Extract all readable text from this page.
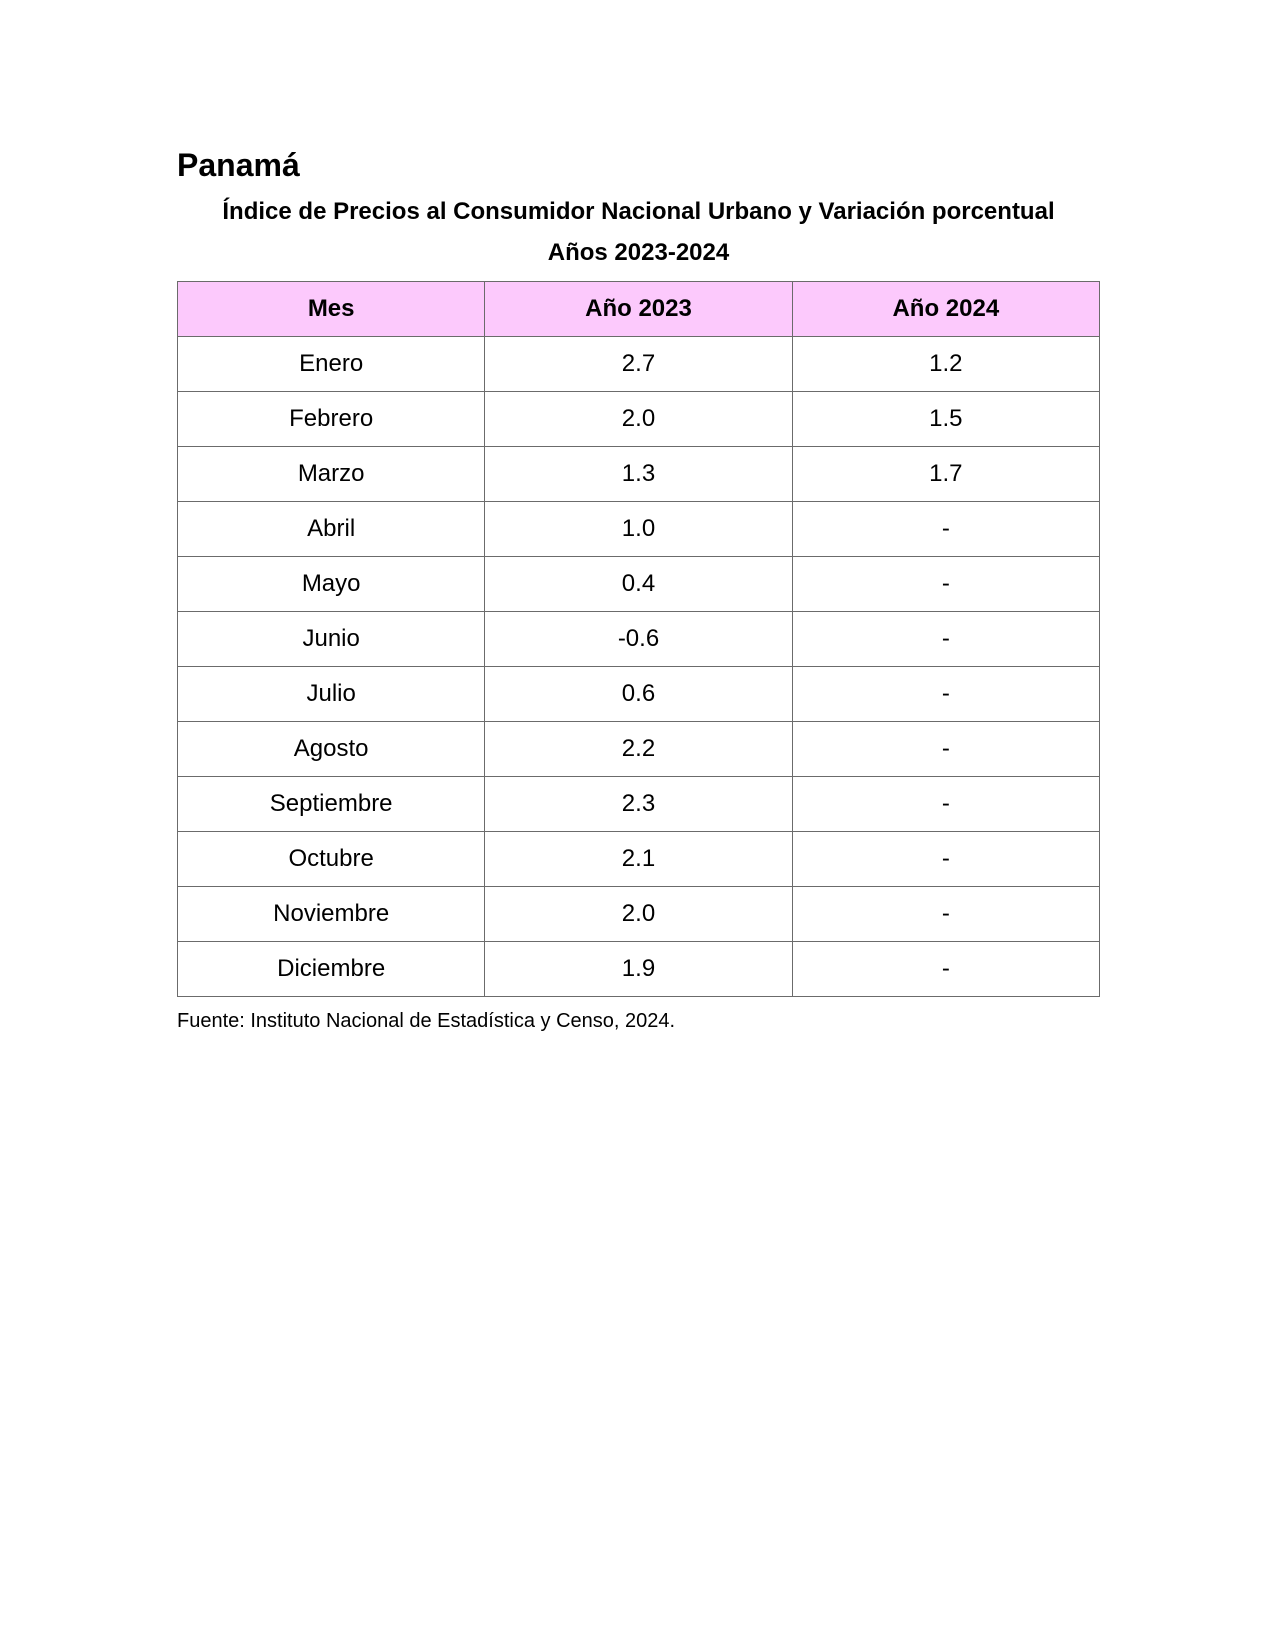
Panamá
Índice de Precios al Consumidor Nacional Urbano y Variación porcentual
Años 2023-2024
Mes	Año 2023	Año 2024
Enero	2.7	1.2
Febrero	2.0	1.5
Marzo	1.3	1.7
Abril	1.0	-
Mayo	0.4	-
Junio	-0.6	-
Julio	0.6	-
Agosto	2.2	-
Septiembre	2.3	-
Octubre	2.1	-
Noviembre	2.0	-
Diciembre	1.9	-

Fuente: Instituto Nacional de Estadística y Censo, 2024.
